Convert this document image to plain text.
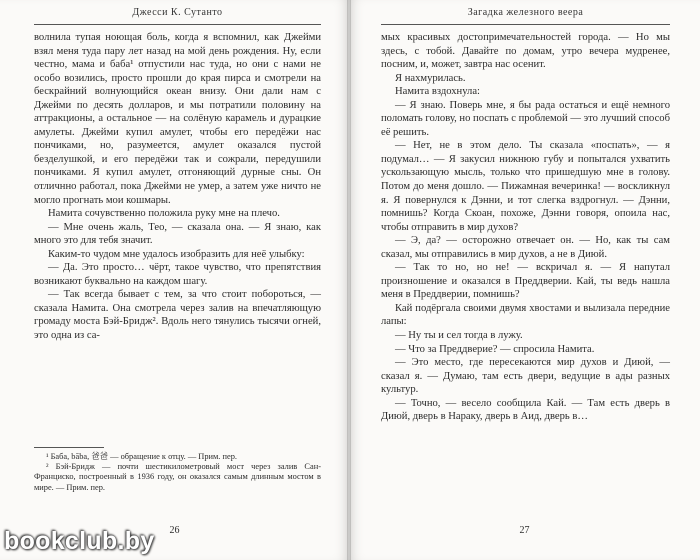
Джесси К. Сутанто

волнила тупая ноющая боль, когда я вспомнил, как Джейми взял меня туда пару лет назад на мой день рождения. Ну, если честно, мама и баба¹ отпустили нас туда, но они с нами не особо возились, просто прошли до края пирса и смотрели на бескрайний волнующийся океан внизу. Они дали нам с Джейми по десять долларов, и мы потратили половину на аттракционы, а остальное — на солёную карамель и дурацкие амулеты. Джейми купил амулет, чтобы его передёжи нас пончиками, но, разумеется, амулет оказался пустой безделушкой, и его передёжи так и сожрали, передушили пончиками. Я купил амулет, отгоняющий дурные сны. Он отличнно работал, пока Джейми не умер, а затем уже ничто не могло прогнать мои кошмары.

Намита сочувственно положила руку мне на плечо.

— Мне очень жаль, Тео, — сказала она. — Я знаю, как много это для тебя значит.

Каким-то чудом мне удалось изобразить для неё улыбку:

— Да. Это просто… чёрт, такое чувство, что препятствия возникают буквально на каждом шагу.

— Так всегда бывает с тем, за что стоит побороться, — сказала Намита. Она смотрела через залив на впечатляющую громаду моста Бэй-Бридж². Вдоль него тянулись тысячи огней, это одна из са-

¹ Баба, bāba, 爸爸 — обращение к отцу. — Прим. пер.

² Бэй-Бридж — почти шестикилометровый мост через залив Сан-Франциско, построенный в 1936 году, он оказался самым длинным мостом в мире. — Прим. пер.

26
Загадка железного веера

мых красивых достопримечательностей города. — Но мы здесь, с тобой. Давайте по домам, утро вечера мудренее, посним, и, может, завтра нас осенит.

Я нахмурилась.

Намита вздохнула:

— Я знаю. Поверь мне, я бы рада остаться и ещё немного поломать голову, но поспать с проблемой — это лучший способ её решить.

— Нет, не в этом дело. Ты сказала «поспать», — я подумал… — Я закусил нижнюю губу и попытался ухватить ускользающую мысль, только что пришедшую мне в голову. Потом до меня дошло. — Пижамная вечеринка! — воскликнул я. Я повернулся к Дэнни, и тот слегка вздрогнул. — Дэнни, помнишь? Когда Скоан, похоже, Дэнни говоря, опоила нас, чтобы отправить в мир духов?

— Э, да? — осторожно отвечает он. — Но, как ты сам сказал, мы отправились в мир духов, а не в Диюй.

— Так то но, но не! — вскричал я. — Я напутал произношение и оказался в Преддверии. Кай, ты ведь нашла меня в Преддверии, помнишь?

Кай подёргала своими двумя хвостами и вылизала передние лапы:

— Ну ты и сел тогда в лужу.

— Что за Преддверие? — спросила Намита.

— Это место, где пересекаются мир духов и Диюй, — сказал я. — Думаю, там есть двери, ведущие в ады разных культур.

— Точно, — весело сообщила Кай. — Там есть дверь в Диюй, дверь в Нараку, дверь в Аид, дверь в…

27
bookclub.by
